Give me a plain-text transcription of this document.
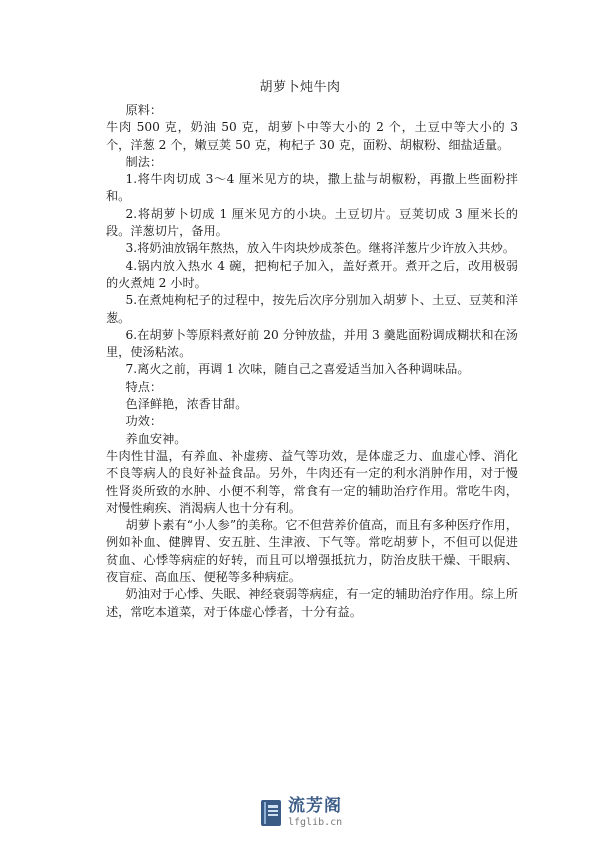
胡萝卜炖牛肉

原料：

牛肉 500 克，奶油 50 克，胡萝卜中等大小的 2 个，土豆中等大小的 3 个，洋葱 2 个，嫩豆荚 50 克，枸杞子 30 克，面粉、胡椒粉、细盐适量。

制法：

1.将牛肉切成 3～4 厘米见方的块，撒上盐与胡椒粉，再撒上些面粉拌和。

2.将胡萝卜切成 1 厘米见方的小块。土豆切片。豆荚切成 3 厘米长的段。洋葱切片，备用。

3.将奶油放锅年熬热，放入牛肉块炒成茶色。继将洋葱片少许放入共炒。

4.锅内放入热水 4 碗，把枸杞子加入，盖好煮开。煮开之后，改用极弱的火煮炖 2 小时。

5.在煮炖枸杞子的过程中，按先后次序分别加入胡萝卜、土豆、豆荚和洋葱。

6.在胡萝卜等原料煮好前 20 分钟放盐，并用 3 羹匙面粉调成糊状和在汤里，使汤粘浓。

7.离火之前，再调 1 次味，随自己之喜爱适当加入各种调味品。

特点：

色泽鲜艳，浓香甘甜。

功效：

养血安神。

牛肉性甘温，有养血、补虚痨、益气等功效，是体虚乏力、血虚心悸、消化不良等病人的良好补益食品。另外，牛肉还有一定的利水消肿作用，对于慢性肾炎所致的水肿、小便不利等，常食有一定的辅助治疗作用。常吃牛肉，对慢性痢疾、消渴病人也十分有利。

胡萝卜素有“小人参”的美称。它不但营养价值高，而且有多种医疗作用，例如补血、健脾胃、安五脏、生津液、下气等。常吃胡萝卜，不但可以促进贫血、心悸等病症的好转，而且可以增强抵抗力，防治皮肤干燥、干眼病、夜盲症、高血压、便秘等多种病症。

奶油对于心悸、失眠、神经衰弱等病症，有一定的辅助治疗作用。综上所述，常吃本道菜，对于体虚心悸者，十分有益。

流芳阁
lfglib.cn
